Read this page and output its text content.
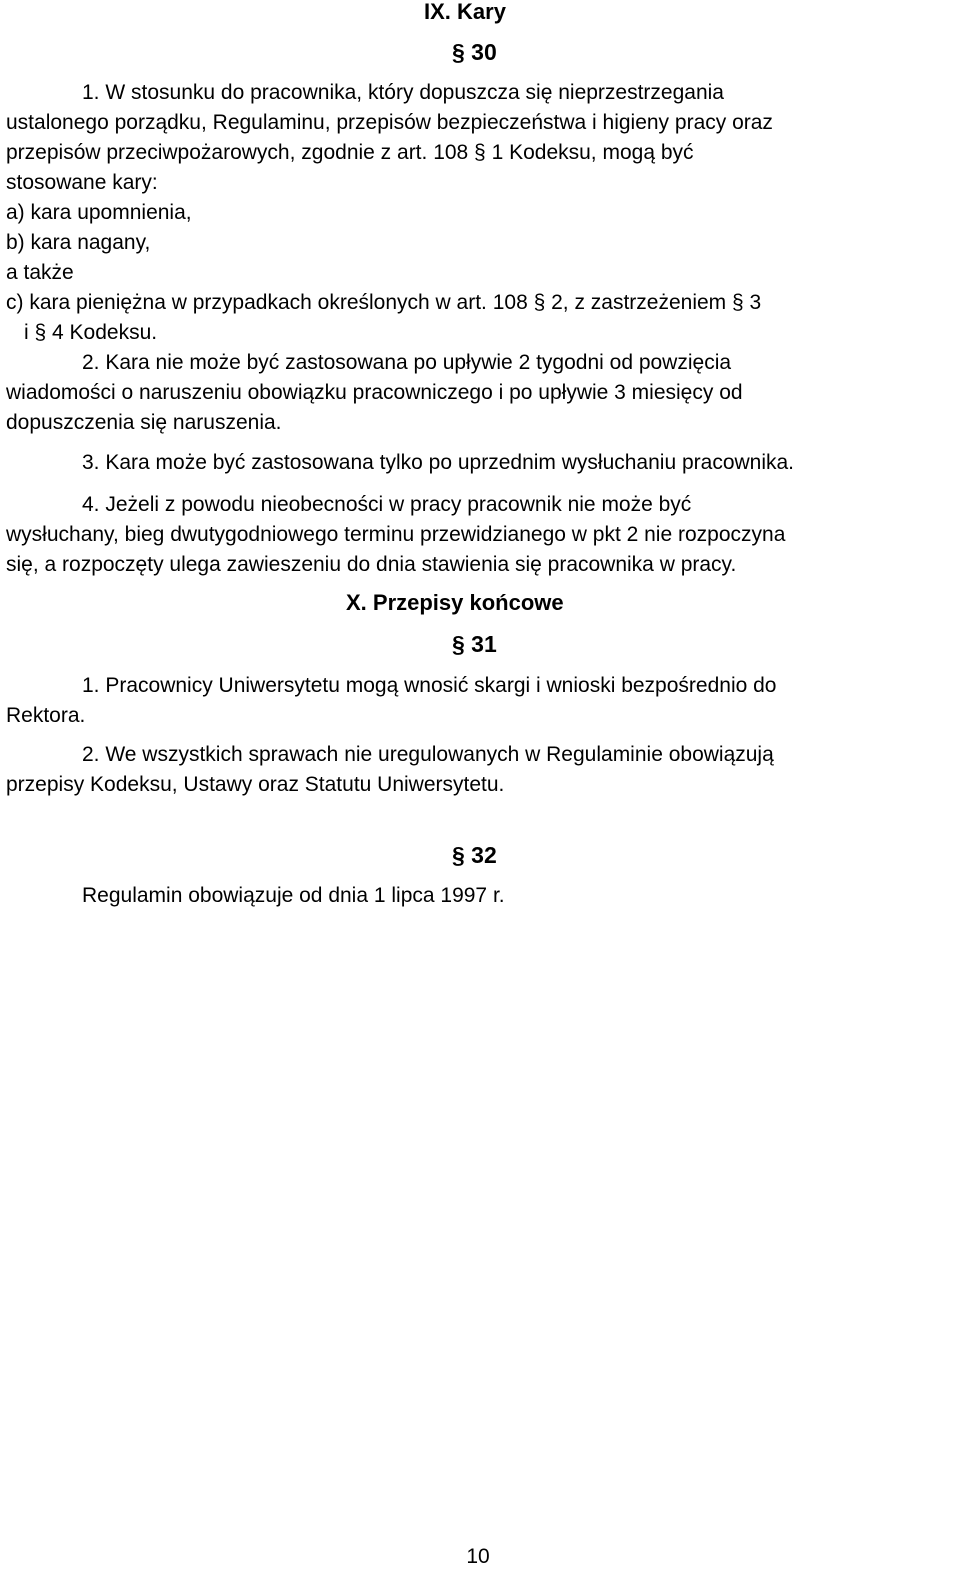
IX. Kary
§ 30
1. W stosunku do pracownika, który dopuszcza się nieprzestrzegania
ustalonego porządku, Regulaminu, przepisów bezpieczeństwa i higieny pracy oraz
przepisów przeciwpożarowych, zgodnie z art. 108 § 1 Kodeksu, mogą być
stosowane kary:
a) kara upomnienia,
b) kara nagany,
a także
c) kara pieniężna w przypadkach określonych w art. 108 § 2, z zastrzeżeniem § 3
i § 4 Kodeksu.
2. Kara nie może być zastosowana po upływie 2 tygodni od powzięcia
wiadomości o naruszeniu obowiązku pracowniczego i po upływie 3 miesięcy od
dopuszczenia się naruszenia.
3. Kara może być zastosowana tylko po uprzednim wysłuchaniu pracownika.
4. Jeżeli z powodu nieobecności w pracy pracownik nie może być
wysłuchany, bieg dwutygodniowego terminu przewidzianego w pkt 2 nie rozpoczyna
się, a rozpoczęty ulega zawieszeniu do dnia stawienia się pracownika w pracy.
X. Przepisy końcowe
§ 31
1. Pracownicy Uniwersytetu mogą wnosić skargi i wnioski bezpośrednio do
Rektora.
2. We wszystkich sprawach nie uregulowanych w Regulaminie obowiązują
przepisy Kodeksu, Ustawy oraz Statutu Uniwersytetu.
§ 32
Regulamin obowiązuje od dnia 1 lipca 1997 r.
10
